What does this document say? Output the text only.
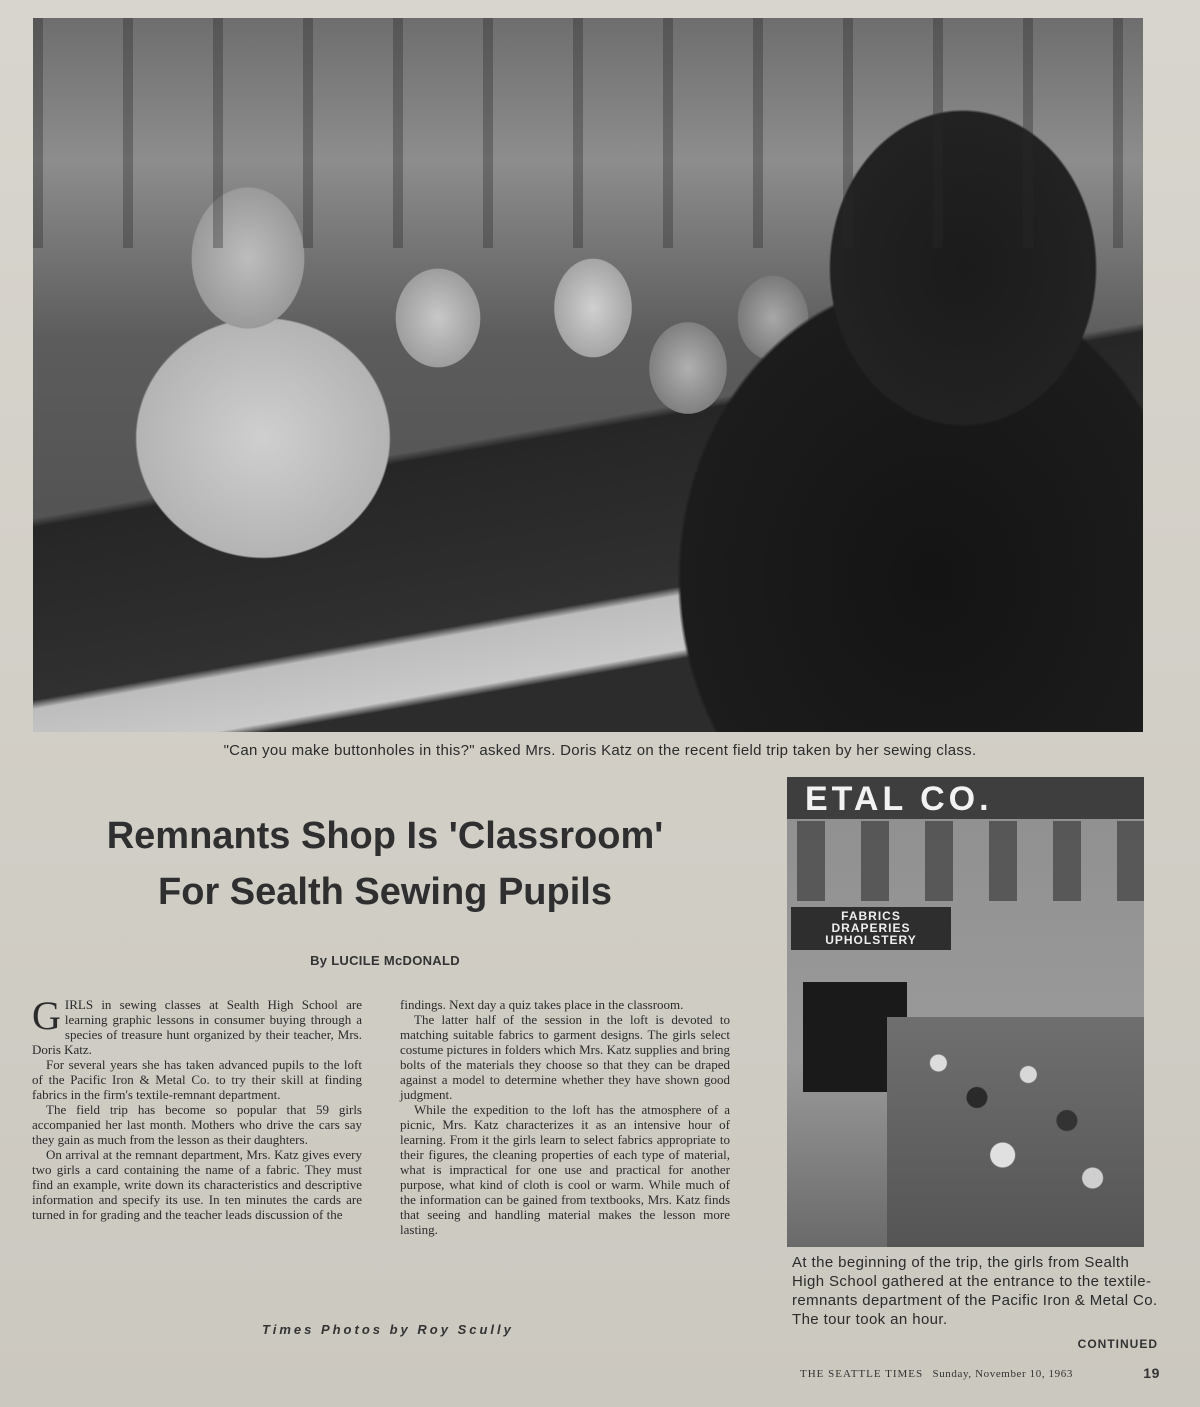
"Can you make buttonholes in this?" asked Mrs. Doris Katz on the recent field trip taken by her sewing class.
Remnants Shop Is 'Classroom'
For Sealth Sewing Pupils
By LUCILE McDONALD

GIRLS in sewing classes at Sealth High School are learning graphic lessons in consumer buying through a species of treasure hunt organized by their teacher, Mrs. Doris Katz.

For several years she has taken advanced pupils to the loft of the Pacific Iron & Metal Co. to try their skill at finding fabrics in the firm's textile-remnant department.

The field trip has become so popular that 59 girls accompanied her last month. Mothers who drive the cars say they gain as much from the lesson as their daughters.

On arrival at the remnant department, Mrs. Katz gives every two girls a card containing the name of a fabric. They must find an example, write down its characteristics and descriptive information and specify its use. In ten minutes the cards are turned in for grading and the teacher leads discussion of the

findings. Next day a quiz takes place in the classroom.

The latter half of the session in the loft is devoted to matching suitable fabrics to garment designs. The girls select costume pictures in folders which Mrs. Katz supplies and bring bolts of the materials they choose so that they can be draped against a model to determine whether they have shown good judgment.

While the expedition to the loft has the atmosphere of a picnic, Mrs. Katz characterizes it as an intensive hour of learning. From it the girls learn to select fabrics appropriate to their figures, the cleaning properties of each type of material, what is impractical for one use and practical for another purpose, what kind of cloth is cool or warm. While much of the information can be gained from textbooks, Mrs. Katz finds that seeing and handling material makes the lesson more lasting.

Times Photos by Roy Scully
ETAL CO.
FABRICS
DRAPERIES
UPHOLSTERY
At the beginning of the trip, the girls from Sealth High School gathered at the entrance to the textile-remnants department of the Pacific Iron & Metal Co. The tour took an hour.
CONTINUED
THE SEATTLE TIMES Sunday, November 10, 1963	19
